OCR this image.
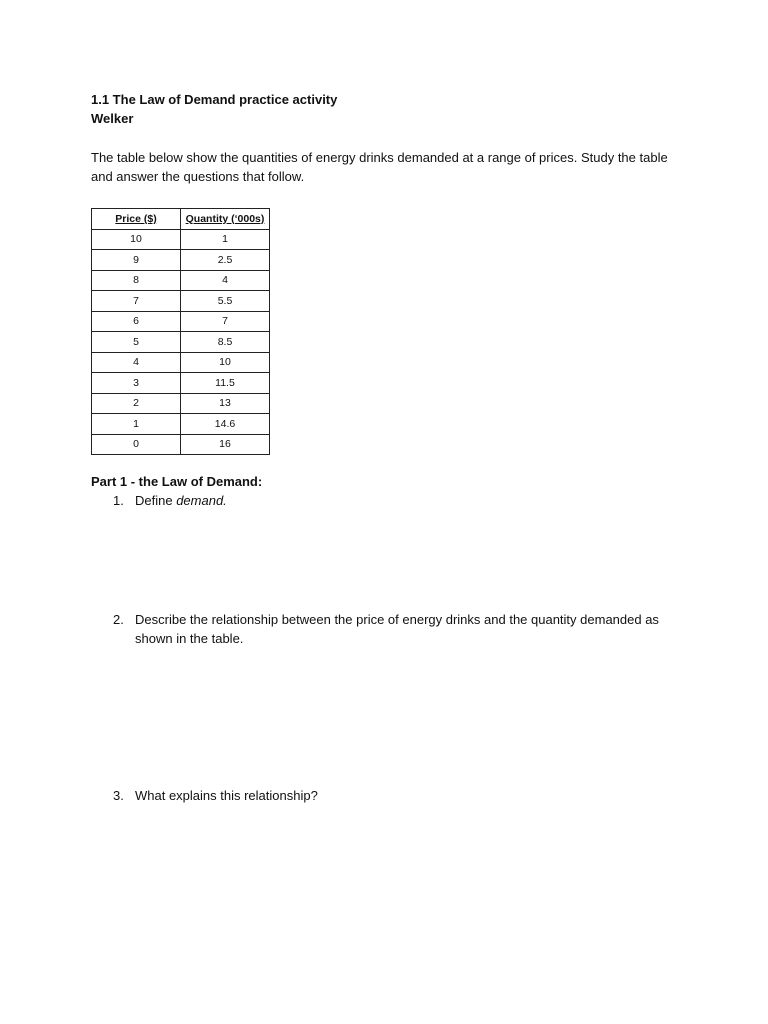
1.1 The Law of Demand practice activity

Welker

The table below show the quantities of energy drinks demanded at a range of prices. Study the table and answer the questions that follow.

Price ($)	Quantity (‘000s)
10	1
9	2.5
8	4
7	5.5
6	7
5	8.5
4	10
3	11.5
2	13
1	14.6
0	16

Part 1 - the Law of Demand:

1. Define demand.
2. Describe the relationship between the price of energy drinks and the quantity demanded as shown in the table.
3. What explains this relationship?
